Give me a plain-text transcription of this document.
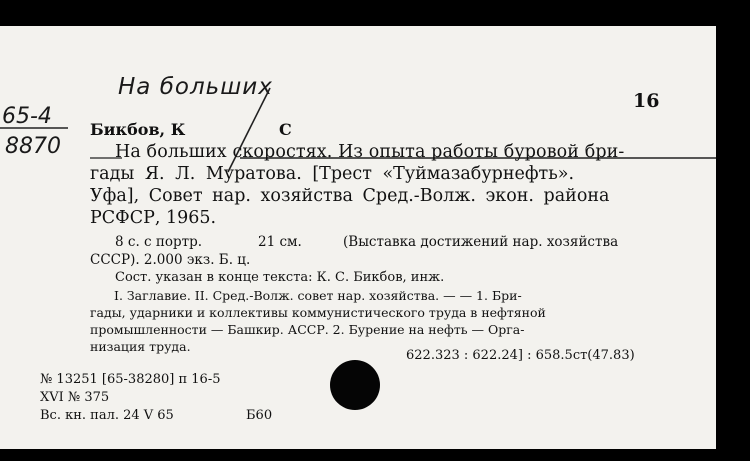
На больших
65-4
8870
16
Бикбов, К	С
На больших скоростях. Из опыта работы буровой бри-
гады Я. Л. Муратова. [Трест «Туймазабурнефть».
Уфа], Совет нар. хозяйства Сред.-Волж. экон. района
РСФСР, 1965.
8 с. с портр.	21 см.	(Выставка достижений нар. хозяйства
СССР). 2.000 экз. Б. ц.
Сост. указан в конце текста: К. С. Бикбов, инж.
I. Заглавие. II. Сред.-Волж. совет нар. хозяйства. — — 1. Бри-
гады, ударники и коллективы коммунистического труда в нефтяной
промышленности — Башкир. АССР. 2. Бурение на нефть — Орга-
низация труда.
622.323 : 622.24] : 658.5ст(47.83)
№ 13251 [65-38280] п 16-5
XVI № 375
Вс. кн. пал. 24 V 65	Б60
